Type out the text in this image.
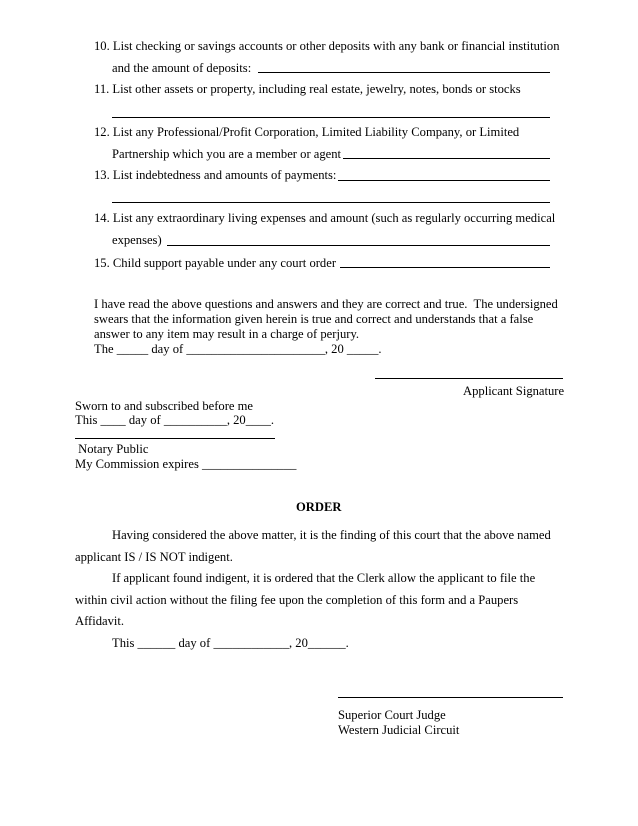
10. List checking or savings accounts or other deposits with any bank or financial institution
and the amount of deposits:
11. List other assets or property, including real estate, jewelry, notes, bonds or stocks
12. List any Professional/Profit Corporation, Limited Liability Company, or Limited
Partnership which you are a member or agent
13. List indebtedness and amounts of payments:
14. List any extraordinary living expenses and amount (such as regularly occurring medical
expenses)
15. Child support payable under any court order
I have read the above questions and answers and they are correct and true.  The undersigned
swears that the information given herein is true and correct and understands that a false
answer to any item may result in a charge of perjury.
The _____ day of ______________________, 20 _____.
Applicant Signature
Sworn to and subscribed before me
This ____ day of __________, 20____.
Notary Public
My Commission expires _______________
ORDER
Having considered the above matter, it is the finding of this court that the above named
applicant IS / IS NOT indigent.
If applicant found indigent, it is ordered that the Clerk allow the applicant to file the
within civil action without the filing fee upon the completion of this form and a Paupers
Affidavit.
This ______ day of ____________, 20______.
Superior Court Judge
Western Judicial Circuit
